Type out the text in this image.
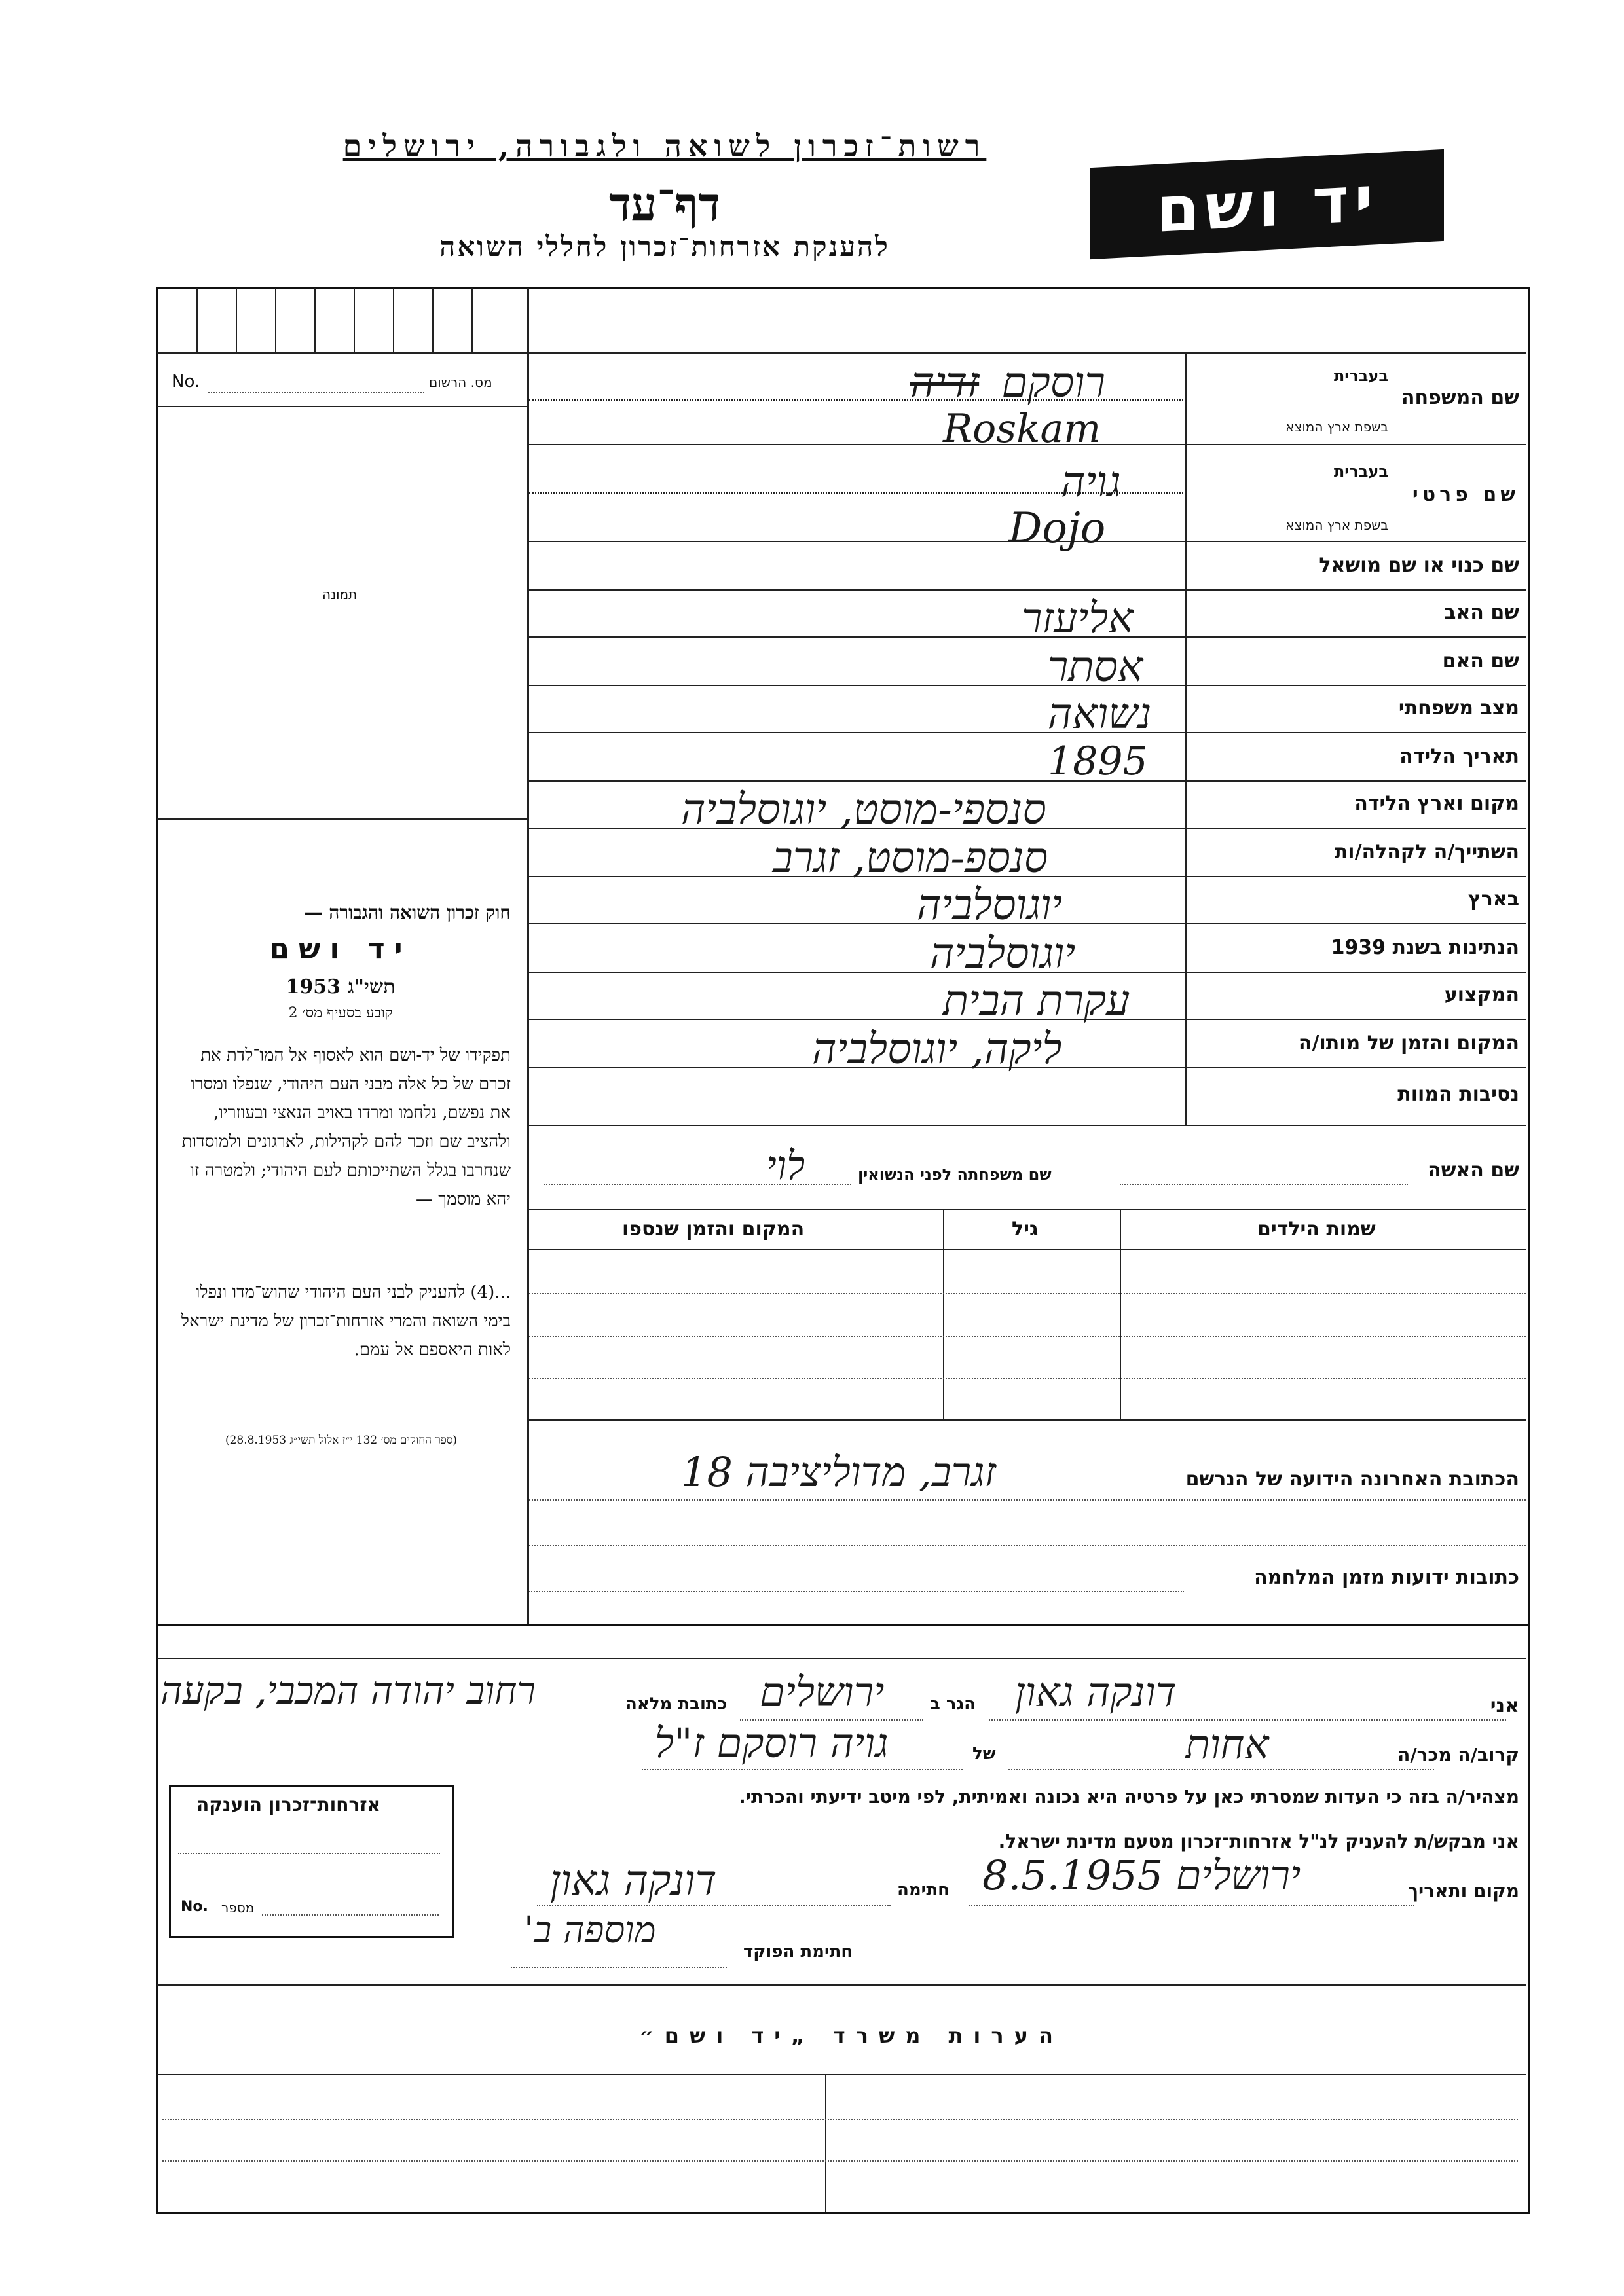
רשות־זכרון לשואה ולגבורה, ירושלים
דף־עד
להענקת אזרחות־זכרון לחללי השואה	יד ושם
No.	מס. הרשום
תמונה
חוק זכרון השואה והגבורה —
יד ושם
תשי"ג 1953
קובע בסעיף מס׳ 2
תפקידו של יד-ושם הוא לאסוף אל המו־לדת את זכרם של כל אלה מבני העם היהודי, שנפלו ומסרו את נפשם, נלחמו ומרדו באויב הנאצי ובעוזריו, ולהציב שם וזכר להם לקהילות, לארגונים ולמוסדות שנחרבו בגלל השתייכותם לעם היהודי; ולמטרה זו יהא מוסמך —
...(4) להעניק לבני העם היהודי שהוש־מדו ונפלו בימי השואה והמרי אזרחות־זכרון של מדינת ישראל לאות היאספם אל עמם.
(ספר החוקים מס׳ 132 י״ז אלול תשי״ג 28.8.1953)
שם המשפחה
בעברית
בשפת ארץ המוצא
שם פרטי
בעברית
בשפת ארץ המוצא
שם כנוי או שם מושאל
שם האב
שם האם
מצב משפחתי
תאריך הלידה
מקום וארץ הלידה
השתייך/ה לקהלה/ות
בארץ
הנתינות בשנת 1939
המקצוע
המקום והזמן של מותו/ה
נסיבות המוות
רוסקם זדיה
Roskam
גויה
Dojo
אליעזר
אסתר
נשואה
1895
סנספי-מוסט, יוגוסלביה
סנספ-מוסט, זגרב
יוגוסלביה
יוגוסלביה
עקרת הבית
ליקה, יוגוסלביה
שם האשה
שם משפחתה לפני הנשואין
לוי
שמות הילדים
גיל
המקום והזמן שנספו
הכתובת האחרונה הידועה של הנרשם
זגרב, מדוליציבה 18
כתובות ידועות מזמן המלחמה
אני
דונקה גאון
הגר ב
ירושלים
כתובת מלאה
רחוב יהודה המכבי, בקעה
קרוב/ה מכר/ה
אחות
של
גויה רוסקם ז"ל
מצהיר/ה בזה כי העדות שמסרתי כאן על פרטיה היא נכונה ואמיתית, לפי מיטב ידיעתי והכרתי.
אני מבקש/ת להעניק לנ"ל אזרחות־זכרון מטעם מדינת ישראל.
מקום ותאריך
ירושלים 8.5.1955
חתימה
דונקה גאון
חתימת הפוקד
מוספה ב'
אזרחות־זכרון הוענקה
No. מספר
הערות משרד „יד ושם״
